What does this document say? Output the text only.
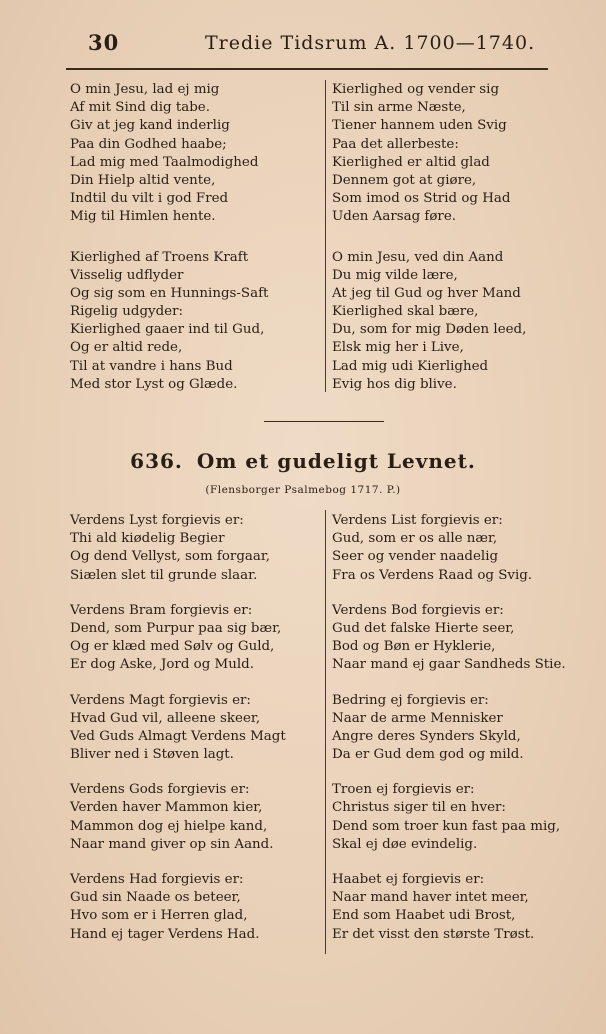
30	Tredie Tidsrum A. 1700—1740.

O min Jesu, lad ej mig

Af mit Sind dig tabe.

Giv at jeg kand inderlig

Paa din Godhed haabe;

Lad mig med Taalmodighed

Din Hielp altid vente,

Indtil du vilt i god Fred

Mig til Himlen hente.

Kierlighed af Troens Kraft

Visselig udflyder

Og sig som en Hunnings-Saft

Rigelig udgyder:

Kierlighed gaaer ind til Gud,

Og er altid rede,

Til at vandre i hans Bud

Med stor Lyst og Glæde.

Kierlighed og vender sig

Til sin arme Næste,

Tiener hannem uden Svig

Paa det allerbeste:

Kierlighed er altid glad

Dennem got at giøre,

Som imod os Strid og Had

Uden Aarsag føre.

O min Jesu, ved din Aand

Du mig vilde lære,

At jeg til Gud og hver Mand

Kierlighed skal bære,

Du, som for mig Døden leed,

Elsk mig her i Live,

Lad mig udi Kierlighed

Evig hos dig blive.

636. Om et gudeligt Levnet.
(Flensborger Psalmebog 1717. P.)

Verdens Lyst forgievis er:

Thi ald kiødelig Begier

Og dend Vellyst, som forgaar,

Siælen slet til grunde slaar.

Verdens Bram forgievis er:

Dend, som Purpur paa sig bær,

Og er klæd med Sølv og Guld,

Er dog Aske, Jord og Muld.

Verdens Magt forgievis er:

Hvad Gud vil, alleene skeer,

Ved Guds Almagt Verdens Magt

Bliver ned i Støven lagt.

Verdens Gods forgievis er:

Verden haver Mammon kier,

Mammon dog ej hielpe kand,

Naar mand giver op sin Aand.

Verdens Had forgievis er:

Gud sin Naade os beteer,

Hvo som er i Herren glad,

Hand ej tager Verdens Had.

Verdens List forgievis er:

Gud, som er os alle nær,

Seer og vender naadelig

Fra os Verdens Raad og Svig.

Verdens Bod forgievis er:

Gud det falske Hierte seer,

Bod og Bøn er Hyklerie,

Naar mand ej gaar Sandheds Stie.

Bedring ej forgievis er:

Naar de arme Mennisker

Angre deres Synders Skyld,

Da er Gud dem god og mild.

Troen ej forgievis er:

Christus siger til en hver:

Dend som troer kun fast paa mig,

Skal ej døe evindelig.

Haabet ej forgievis er:

Naar mand haver intet meer,

End som Haabet udi Brost,

Er det visst den største Trøst.
